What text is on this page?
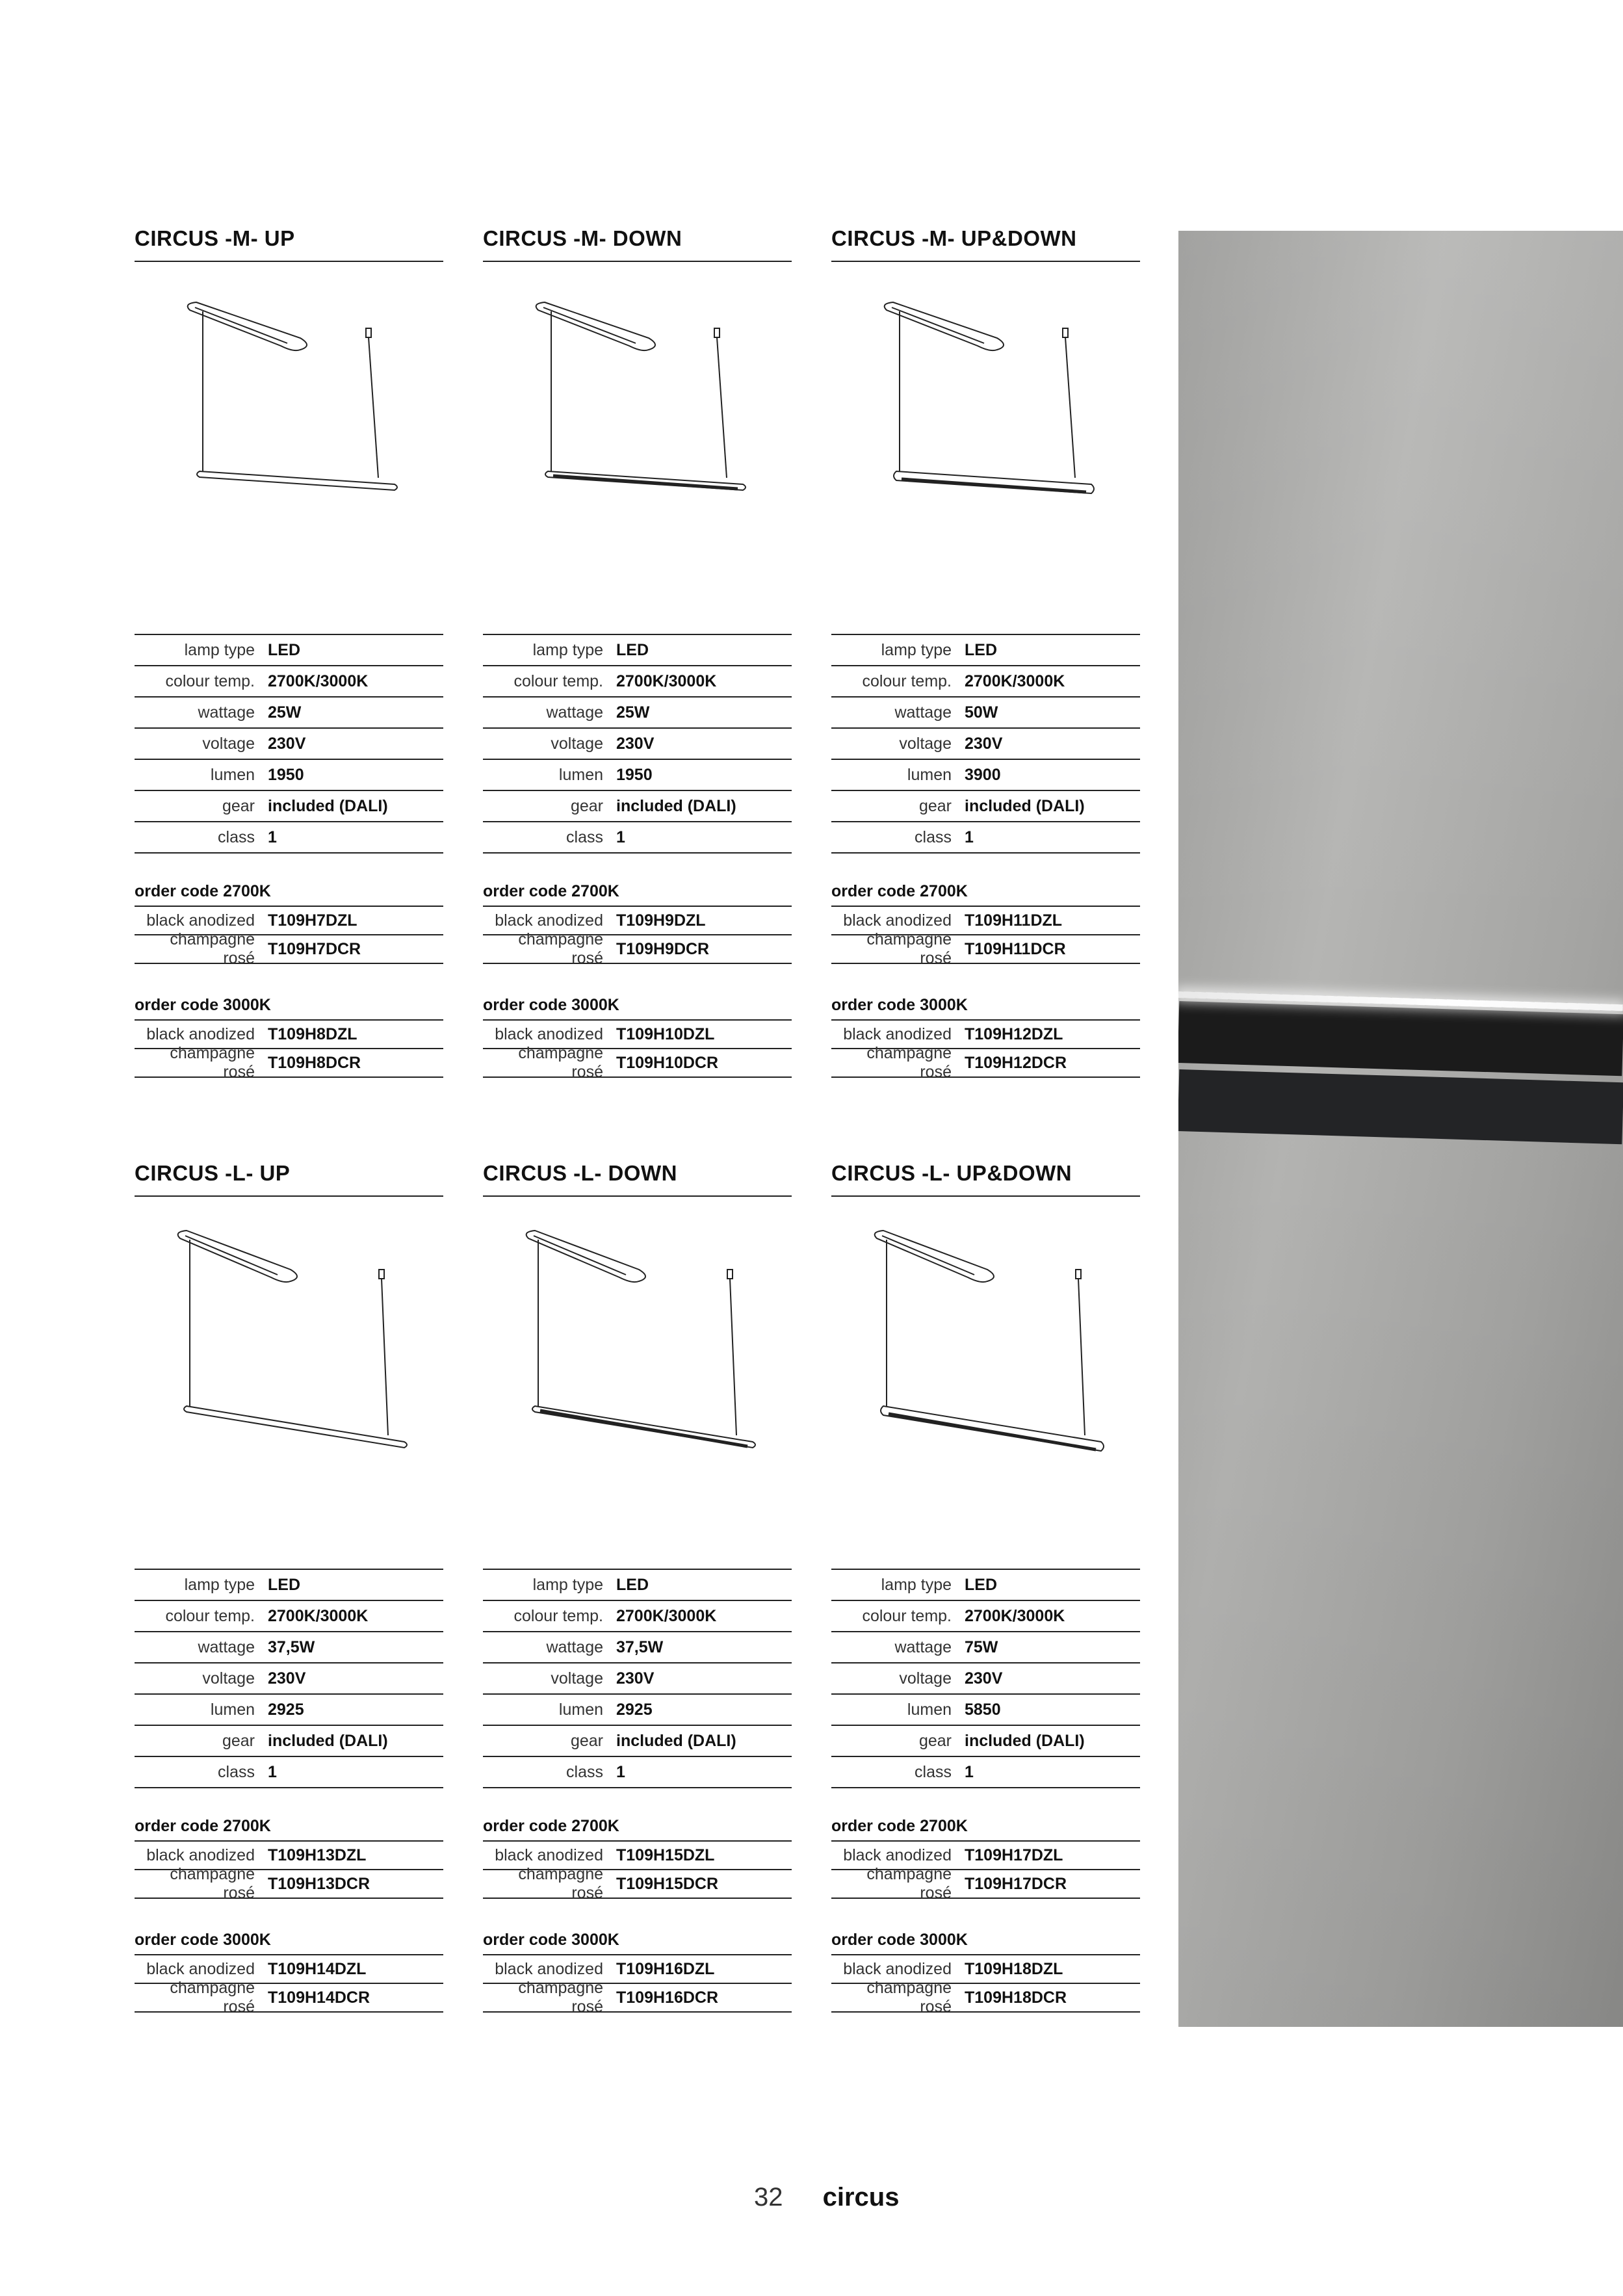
CIRCUS -M- UP
lamp type LED
colour temp. 2700K/3000K
wattage 25W
voltage 230V
lumen 1950
gear included (DALI)
class 1
order code 2700K
black anodized T109H7DZL
champagne rosé
T109H7DCR
order code 3000K
black anodized T109H8DZL
champagne rosé
T109H8DCR
CIRCUS -M- DOWN
lamp type LED
colour temp. 2700K/3000K
wattage 25W
voltage 230V
lumen 1950
gear included (DALI)
class 1
order code 2700K
black anodized T109H9DZL
champagne rosé
T109H9DCR
order code 3000K
black anodized T109H10DZL
champagne rosé
T109H10DCR
CIRCUS -M- UP&DOWN
lamp type LED
colour temp. 2700K/3000K
wattage 50W
voltage 230V
lumen 3900
gear included (DALI)
class 1
order code 2700K
black anodized T109H11DZL
champagne rosé
T109H11DCR
order code 3000K
black anodized T109H12DZL
champagne rosé
T109H12DCR
CIRCUS -L- UP
lamp type LED
colour temp. 2700K/3000K
wattage 37,5W
voltage 230V
lumen 2925
gear included (DALI)
class 1
order code 2700K
black anodized T109H13DZL
champagne rosé
T109H13DCR
order code 3000K
black anodized T109H14DZL
champagne rosé
T109H14DCR
CIRCUS -L- DOWN
lamp type LED
colour temp. 2700K/3000K
wattage 37,5W
voltage 230V
lumen 2925
gear included (DALI)
class 1
order code 2700K
black anodized T109H15DZL
champagne rosé
T109H15DCR
order code 3000K
black anodized T109H16DZL
champagne rosé
T109H16DCR
CIRCUS -L- UP&DOWN
lamp type LED
colour temp. 2700K/3000K
wattage 75W
voltage 230V
lumen 5850
gear included (DALI)
class 1
order code 2700K
black anodized T109H17DZL
champagne rosé
T109H17DCR
order code 3000K
black anodized T109H18DZL
champagne rosé
T109H18DCR
32 circus
